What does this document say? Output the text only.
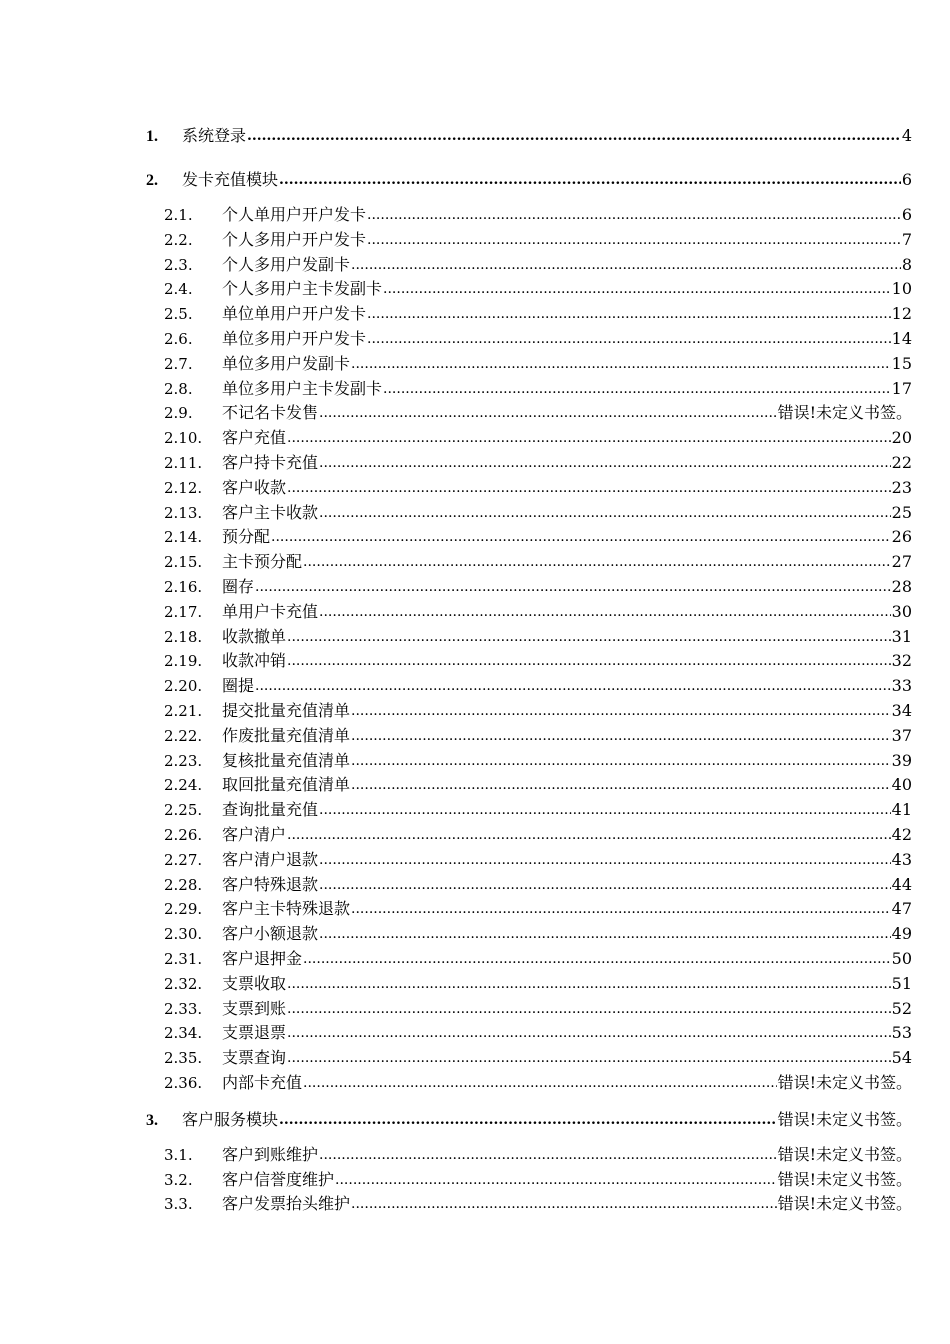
1.	系统登录 .....	4
2.	发卡充值模块 .....	6
2.1.	个人单用户开户发卡 .....	6
2.2.	个人多用户开户发卡 .....	7
2.3.	个人多用户发副卡 .....	8
2.4.	个人多用户主卡发副卡 .....	10
2.5.	单位单用户开户发卡 .....	12
2.6.	单位多用户开户发卡 .....	14
2.7.	单位多用户发副卡 .....	15
2.8.	单位多用户主卡发副卡 .....	17
2.9.	不记名卡发售 .....	错误!未定义书签。
2.10.	客户充值 .....	20
2.11.	客户持卡充值 .....	22
2.12.	客户收款 .....	23
2.13.	客户主卡收款 .....	25
2.14.	预分配 .....	26
2.15.	主卡预分配 .....	27
2.16.	圈存 .....	28
2.17.	单用户卡充值 .....	30
2.18.	收款撤单 .....	31
2.19.	收款冲销 .....	32
2.20.	圈提 .....	33
2.21.	提交批量充值清单 .....	34
2.22.	作废批量充值清单 .....	37
2.23.	复核批量充值清单 .....	39
2.24.	取回批量充值清单 .....	40
2.25.	查询批量充值 .....	41
2.26.	客户清户 .....	42
2.27.	客户清户退款 .....	43
2.28.	客户特殊退款 .....	44
2.29.	客户主卡特殊退款 .....	47
2.30.	客户小额退款 .....	49
2.31.	客户退押金 .....	50
2.32.	支票收取 .....	51
2.33.	支票到账 .....	52
2.34.	支票退票 .....	53
2.35.	支票查询 .....	54
2.36.	内部卡充值 .....	错误!未定义书签。
3.	客户服务模块 .....	错误!未定义书签。
3.1.	客户到账维护 .....	错误!未定义书签。
3.2.	客户信誉度维护 .....	错误!未定义书签。
3.3.	客户发票抬头维护 .....	错误!未定义书签。
